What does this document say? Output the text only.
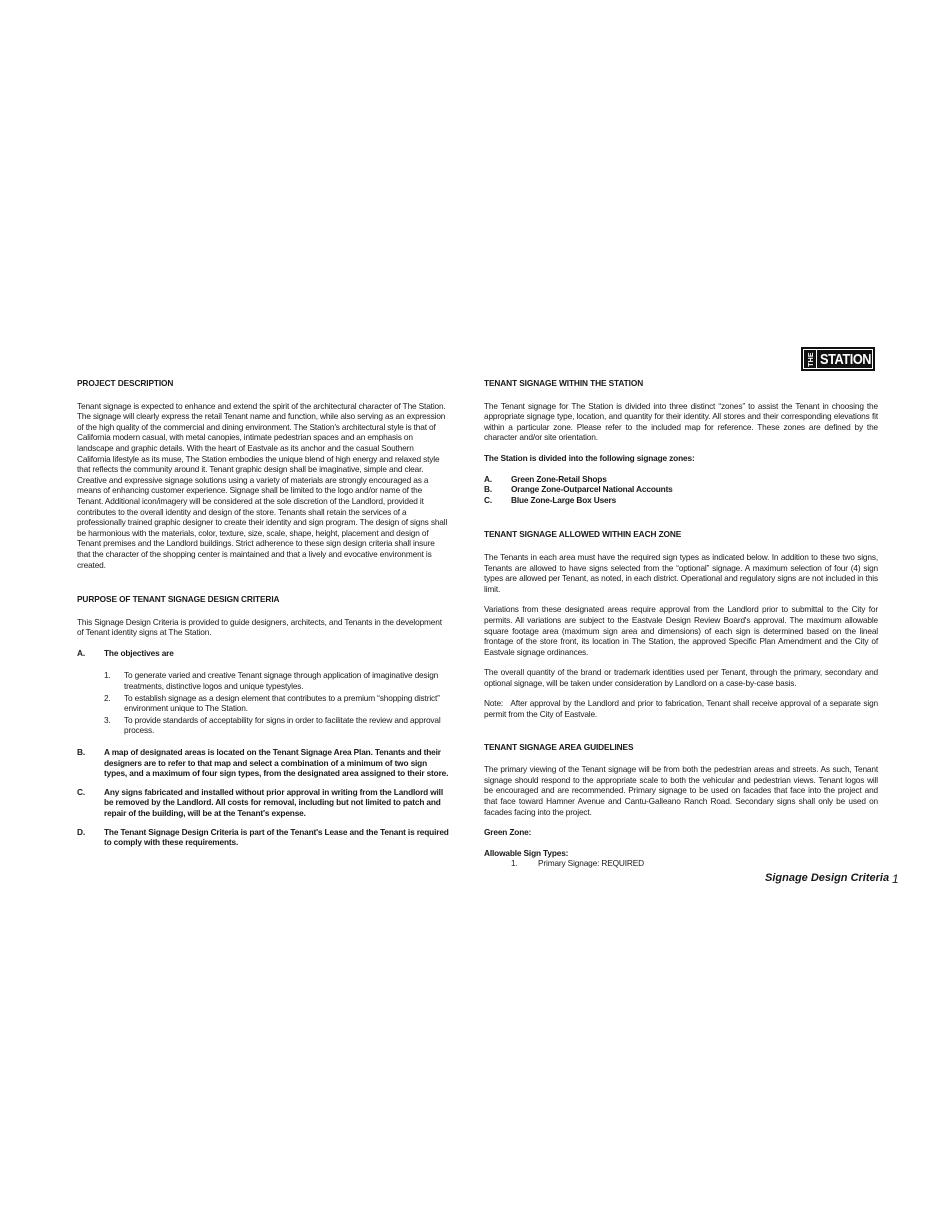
THE STATION
PROJECT DESCRIPTION

Tenant signage is expected to enhance and extend the spirit of the architectural character of The Station. The signage will clearly express the retail Tenant name and function, while also serving as an expression of the high quality of the commercial and dining environment. The Station's architectural style is that of California modern casual, with metal canopies, intimate pedestrian spaces and an emphasis on landscape and graphic details. With the heart of Eastvale as its anchor and the casual Southern California lifestyle as its muse, The Station embodies the unique blend of high energy and relaxed style that reflects the community around it. Tenant graphic design shall be imaginative, simple and clear. Creative and expressive signage solutions using a variety of materials are strongly encouraged as a means of enhancing customer experience. Signage shall be limited to the logo and/or name of the Tenant. Additional icon/imagery will be considered at the sole discretion of the Landlord, provided it contributes to the overall identity and design of the store. Tenants shall retain the services of a professionally trained graphic designer to create their identity and sign program. The design of signs shall be harmonious with the materials, color, texture, size, scale, shape, height, placement and design of Tenant premises and the Landlord buildings. Strict adherence to these sign design criteria shall insure that the character of the shopping center is maintained and that a lively and evocative environment is created.

PURPOSE OF TENANT SIGNAGE DESIGN CRITERIA

This Signage Design Criteria is provided to guide designers, architects, and Tenants in the development of Tenant identity signs at The Station.

A.	The objectives are
1.	To generate varied and creative Tenant signage through application of imaginative design treatments, distinctive logos and unique typestyles.
2.	To establish signage as a design element that contributes to a premium “shopping district” environment unique to The Station.
3.	To provide standards of acceptability for signs in order to facilitate the review and approval process.
B.	A map of designated areas is located on the Tenant Signage Area Plan. Tenants and their designers are to refer to that map and select a combination of a minimum of two sign types, and a maximum of four sign types, from the designated area assigned to their store.
C.	Any signs fabricated and installed without prior approval in writing from the Landlord will be removed by the Landlord. All costs for removal, including but not limited to patch and repair of the building, will be at the Tenant's expense.
D.	The Tenant Signage Design Criteria is part of the Tenant's Lease and the Tenant is required to comply with these requirements.
TENANT SIGNAGE WITHIN THE STATION

The Tenant signage for The Station is divided into three distinct “zones” to assist the Tenant in choosing the appropriate signage type, location, and quantity for their identity. All stores and their corresponding elevations fit within a particular zone. Please refer to the included map for reference. These zones are defined by the character and/or site orientation.

The Station is divided into the following signage zones:

A.	Green Zone-Retail Shops
B.	Orange Zone-Outparcel National Accounts
C.	Blue Zone-Large Box Users
TENANT SIGNAGE ALLOWED WITHIN EACH ZONE

The Tenants in each area must have the required sign types as indicated below. In addition to these two signs, Tenants are allowed to have signs selected from the “optional” signage. A maximum selection of four (4) sign types are allowed per Tenant, as noted, in each district. Operational and regulatory signs are not included in this limit.

Variations from these designated areas require approval from the Landlord prior to submittal to the City for permits. All variations are subject to the Eastvale Design Review Board's approval. The maximum allowable square footage area (maximum sign area and dimensions) of each sign is determined based on the lineal frontage of the store front, its location in The Station, the approved Specific Plan Amendment and the City of Eastvale signage ordinances.

The overall quantity of the brand or trademark identities used per Tenant, through the primary, secondary and optional signage, will be taken under consideration by Landlord on a case-by-case basis.

Note:   After approval by the Landlord and prior to fabrication, Tenant shall receive approval of a separate sign permit from the City of Eastvale.

TENANT SIGNAGE AREA GUIDELINES

The primary viewing of the Tenant signage will be from both the pedestrian areas and streets. As such, Tenant signage should respond to the appropriate scale to both the vehicular and pedestrian views. Tenant logos will be encouraged and are recommended. Primary signage to be used on facades that face into the project and that face toward Hamner Avenue and Cantu-Galleano Ranch Road. Secondary signs shall only be used on facades facing into the project.

Green Zone:

Allowable Sign Types:
1.	Primary Signage: REQUIRED
Signage Design Criteria 1
